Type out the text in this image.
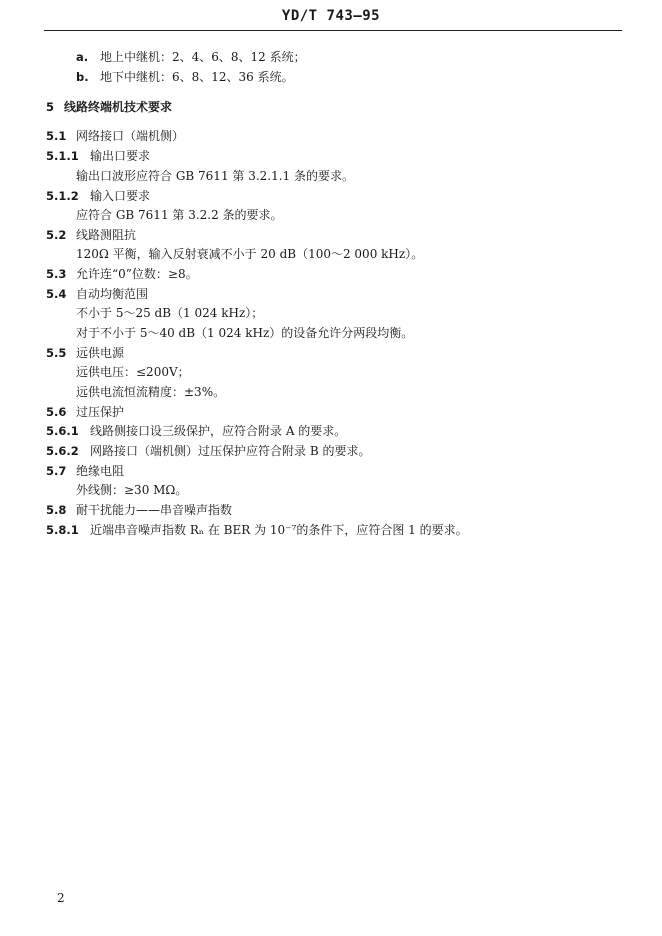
YD/T 743—95
a. 地上中继机：2、4、6、8、12 系统；
b. 地下中继机：6、8、12、36 系统。
5 线路终端机技术要求
5.1 网络接口（端机侧）
5.1.1 输出口要求
输出口波形应符合 GB 7611 第 3.2.1.1 条的要求。
5.1.2 输入口要求
应符合 GB 7611 第 3.2.2 条的要求。
5.2 线路测阻抗
120Ω 平衡，输入反射衰减不小于 20 dB（100～2 000 kHz）。
5.3 允许连“0”位数：≥8。
5.4 自动均衡范围
不小于 5～25 dB（1 024 kHz）；
对于不小于 5～40 dB（1 024 kHz）的设备允许分两段均衡。
5.5 远供电源
远供电压：≤200V；
远供电流恒流精度：±3%。
5.6 过压保护
5.6.1 线路侧接口设三级保护，应符合附录 A 的要求。
5.6.2 网路接口（端机侧）过压保护应符合附录 B 的要求。
5.7 绝缘电阻
外线侧：≥30 MΩ。
5.8 耐干扰能力——串音噪声指数
5.8.1 近端串音噪声指数 Rₙ 在 BER 为 10⁻⁷的条件下，应符合图 1 的要求。
2
